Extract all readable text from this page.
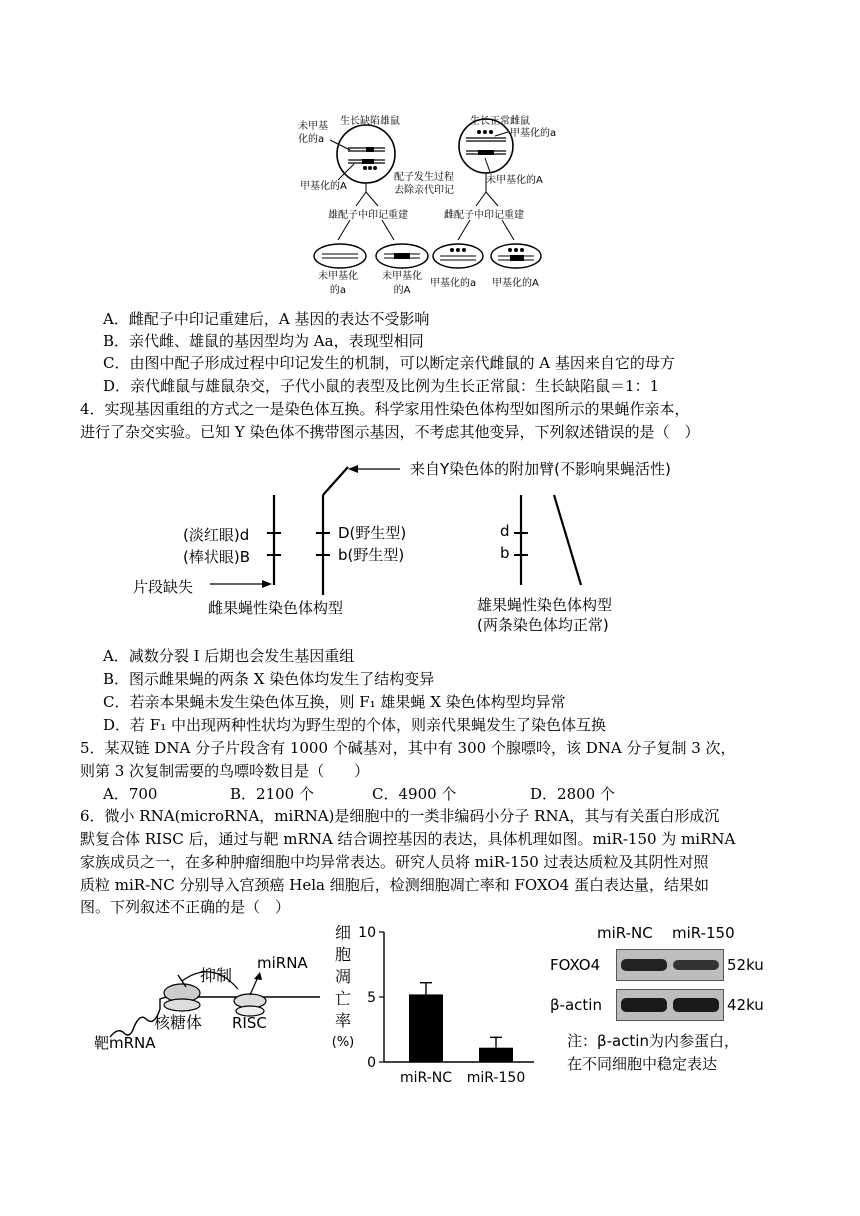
生长缺陷雄鼠	生长正常雌鼠
未甲基化的a
甲基化的a
甲基化的A
未甲基化的A
配子发生过程
去除亲代印记
雄配子中印记重建	雌配子中印记重建
未甲基化的a
未甲基化的A
甲基化的a 甲基化的A
A．雌配子中印记重建后，A 基因的表达不受影响
B．亲代雌、雄鼠的基因型均为 Aa，表现型相同
C．由图中配子形成过程中印记发生的机制，可以断定亲代雌鼠的 A 基因来自它的母方
D．亲代雌鼠与雄鼠杂交，子代小鼠的表型及比例为生长正常鼠：生长缺陷鼠＝1：1
4．实现基因重组的方式之一是染色体互换。科学家用性染色体构型如图所示的果蝇作亲本，
进行了杂交实验。已知 Y 染色体不携带图示基因，不考虑其他变异，下列叙述错误的是（　）
来自Y染色体的附加臂(不影响果蝇活性)
(淡红眼)d
(棒状眼)B
D(野生型)
b(野生型)
片段缺失
雌果蝇性染色体构型
d
b
雄果蝇性染色体构型
(两条染色体均正常)
A．减数分裂 I 后期也会发生基因重组
B．图示雌果蝇的两条 X 染色体均发生了结构变异
C．若亲本果蝇未发生染色体互换，则 F₁ 雄果蝇 X 染色体构型均异常
D．若 F₁ 中出现两种性状均为野生型的个体，则亲代果蝇发生了染色体互换
5．某双链 DNA 分子片段含有 1000 个碱基对，其中有 300 个腺嘌呤，该 DNA 分子复制 3 次，
则第 3 次复制需要的鸟嘌呤数目是（　　）
A．700	B．2100 个	C．4900 个	D．2800 个
6．微小 RNA(microRNA，miRNA)是细胞中的一类非编码小分子 RNA，其与有关蛋白形成沉
默复合体 RISC 后，通过与靶 mRNA 结合调控基因的表达，具体机理如图。miR-150 为 miRNA
家族成员之一，在多种肿瘤细胞中均异常表达。研究人员将 miR-150 过表达质粒及其阴性对照
质粒 miR-NC 分别导入宫颈癌 Hela 细胞后，检测细胞凋亡率和 FOXO4 蛋白表达量，结果如
图。下列叙述不正确的是（　）
抑制
miRNA
核糖体 RISC
靶mRNA
细
胞
凋
亡
率
(%)
0
5
10
miR-NC miR-150
miR-NC miR-150
FOXO4	52ku
β-actin	42ku
注：β-actin为内参蛋白，
在不同细胞中稳定表达
